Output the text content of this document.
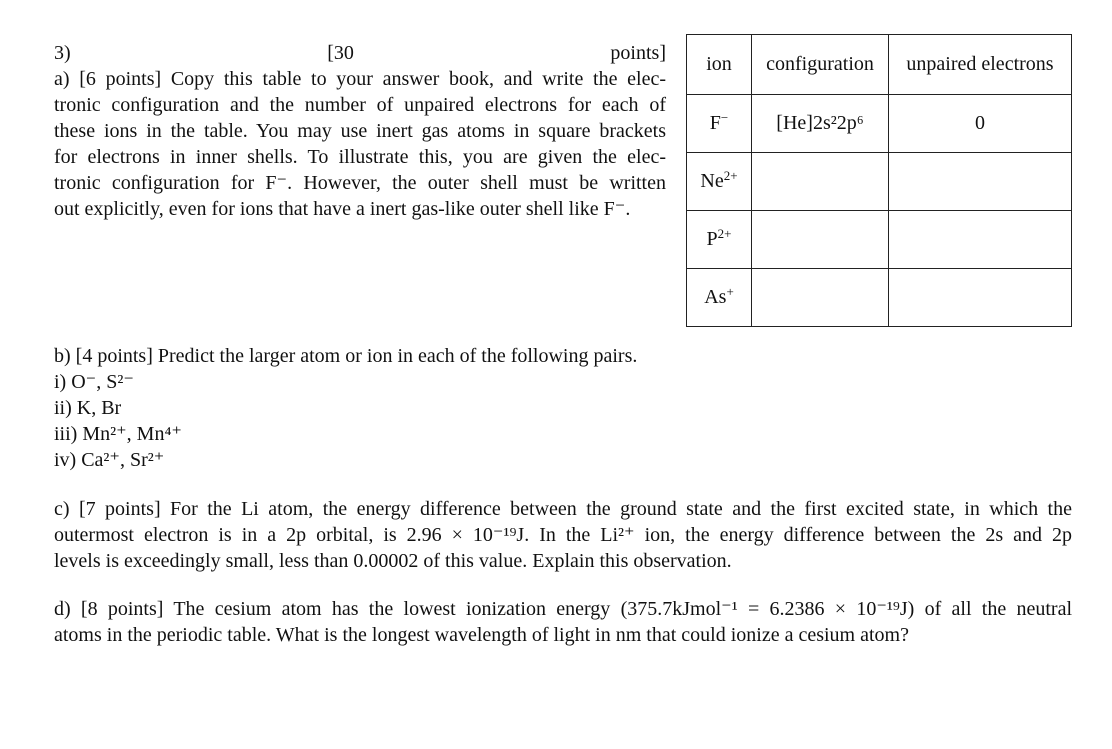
3) [30 points]
a) [6 points] Copy this table to your answer book, and write the elec-
tronic configuration and the number of unpaired electrons for each of
these ions in the table. You may use inert gas atoms in square brackets
for electrons in inner shells. To illustrate this, you are given the elec-
tronic configuration for F⁻. However, the outer shell must be written
out explicitly, even for ions that have a inert gas-like outer shell like F⁻.
ion	configuration	unpaired electrons
F−	[He]2s²2p⁶	0
$Ne^{2+}$		
$P^{2+}$		
As+		
b) [4 points] Predict the larger atom or ion in each of the following pairs.
i) O⁻, S²⁻
ii) K, Br
iii) Mn²⁺, Mn⁴⁺
iv) Ca²⁺, Sr²⁺
c) [7 points] For the Li atom, the energy difference between the ground state and the first excited state, in which the
outermost electron is in a 2p orbital, is 2.96 × 10⁻¹⁹J. In the Li²⁺ ion, the energy difference between the 2s and 2p
levels is exceedingly small, less than 0.00002 of this value. Explain this observation.
d) [8 points] The cesium atom has the lowest ionization energy (375.7kJmol⁻¹ = 6.2386 × 10⁻¹⁹J) of all the neutral
atoms in the periodic table. What is the longest wavelength of light in nm that could ionize a cesium atom?
